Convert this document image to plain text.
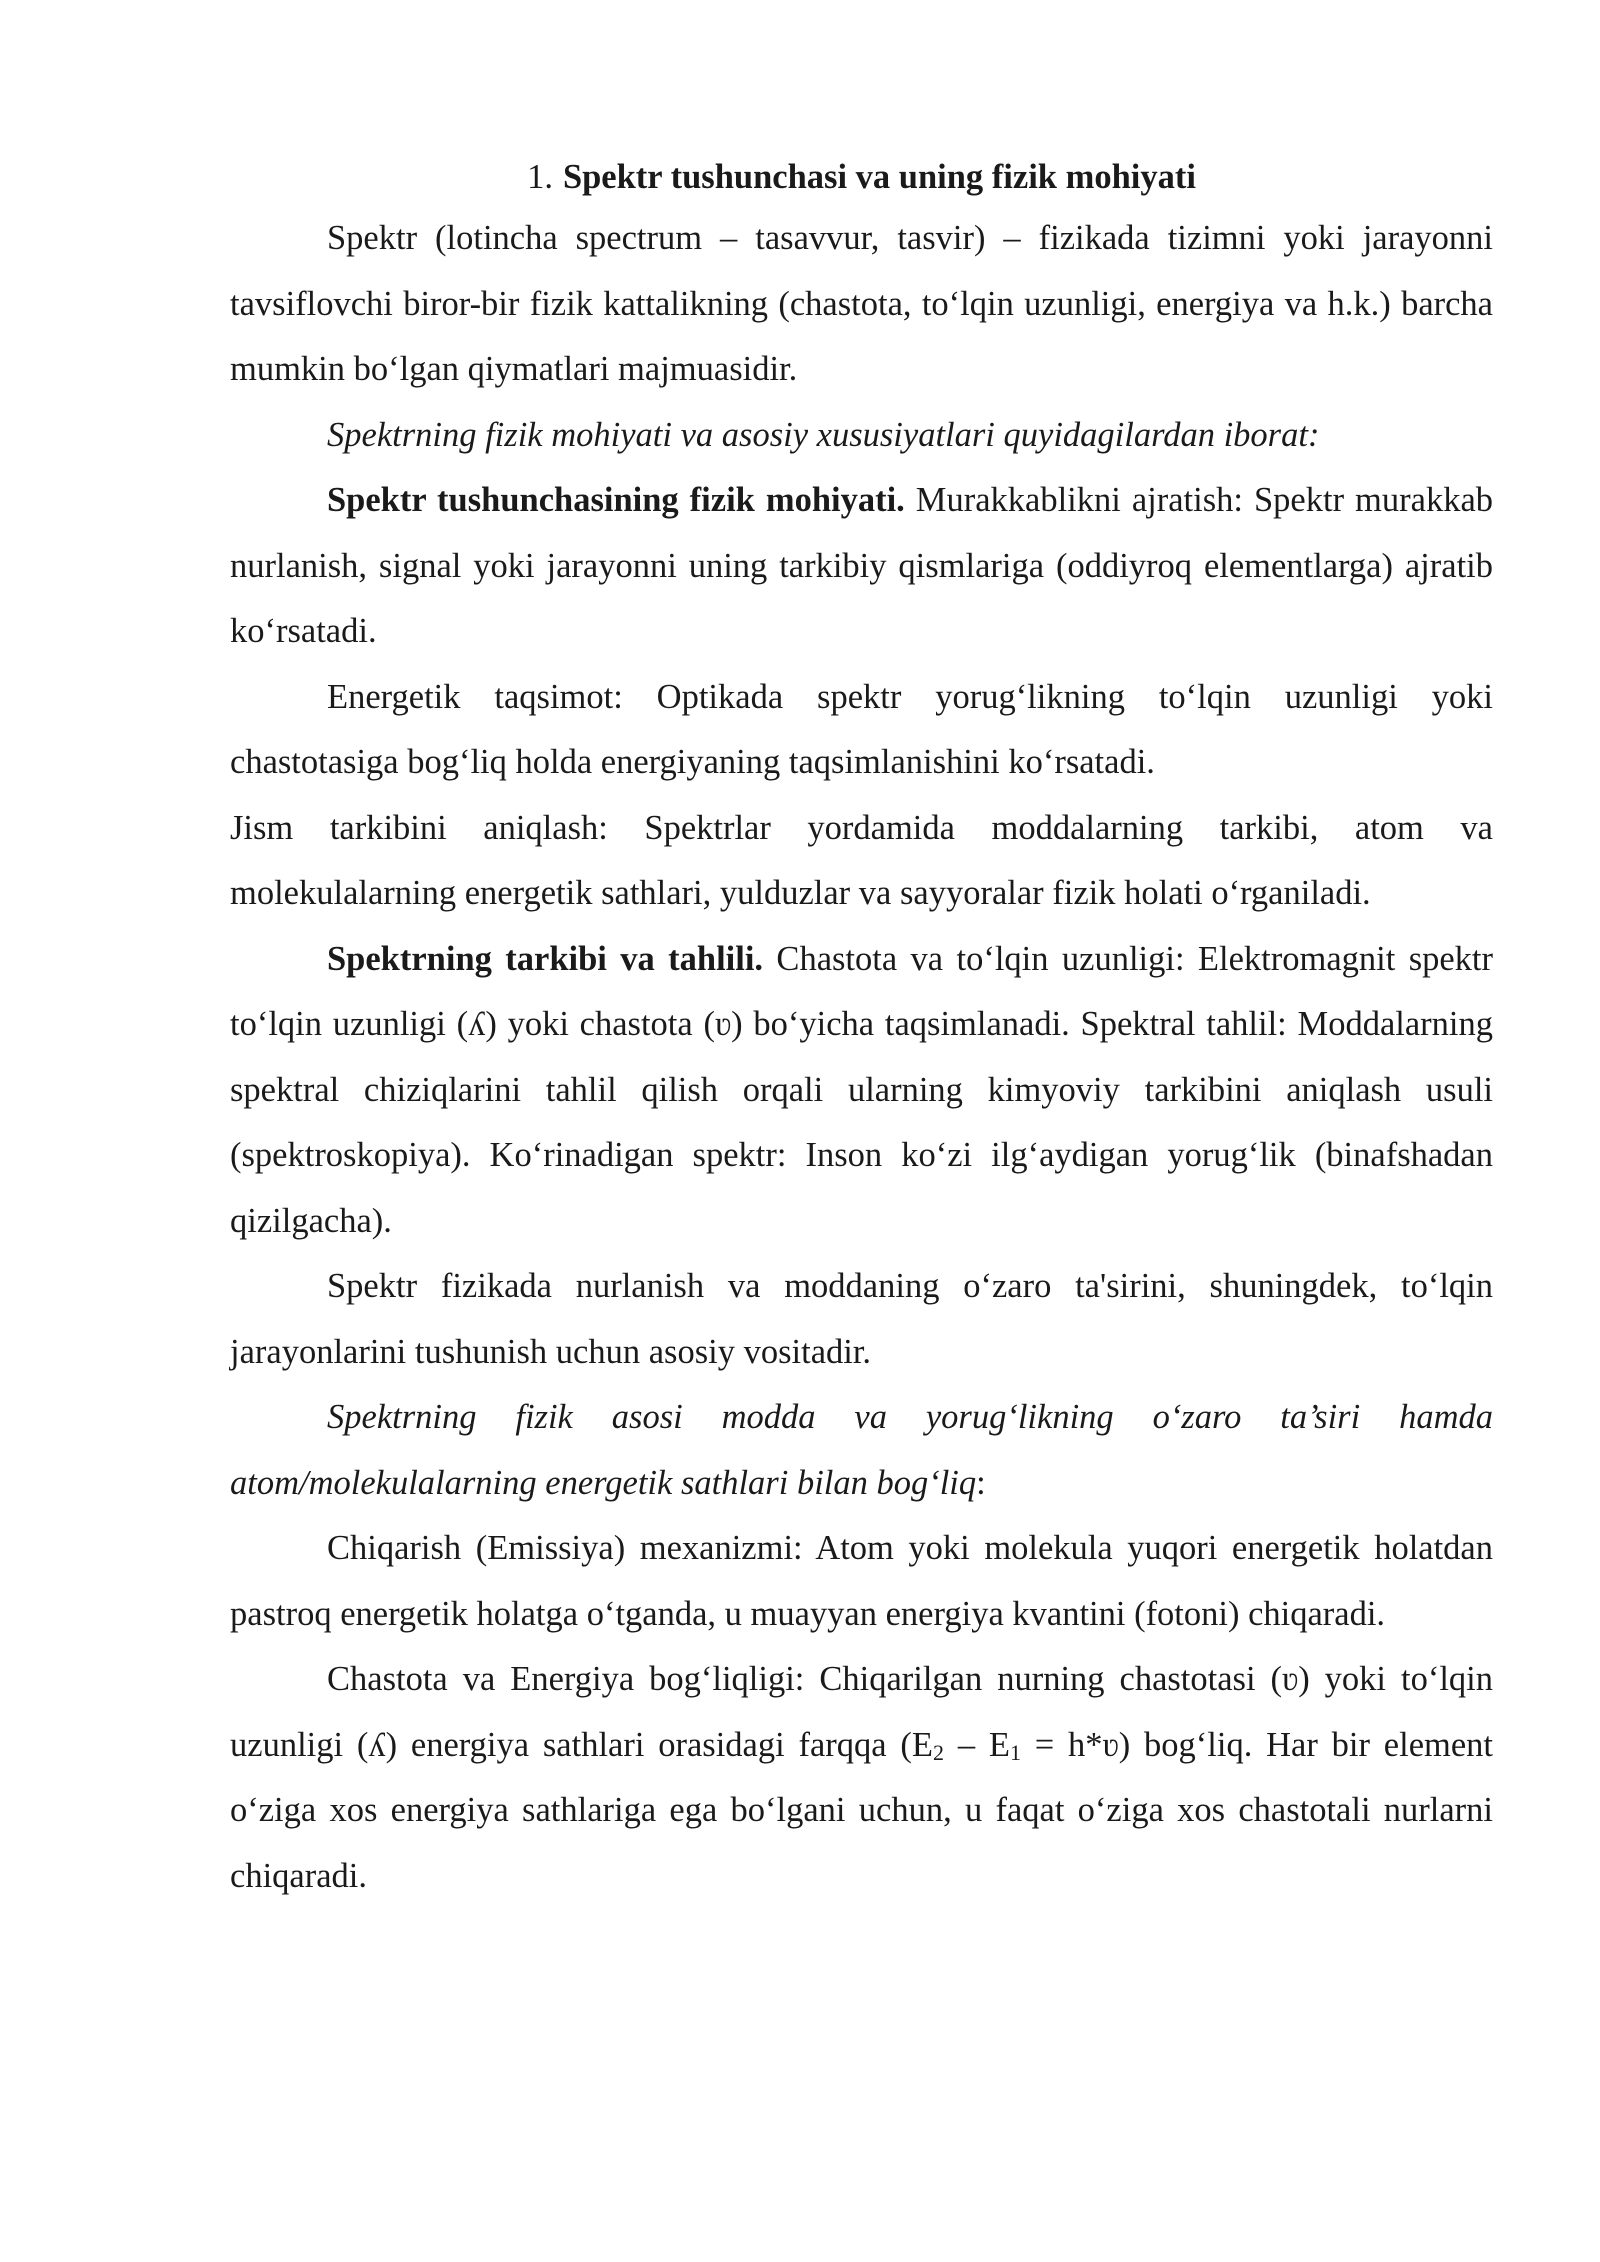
1. Spektr tushunchasi va uning fizik mohiyati

Spektr (lotincha spectrum – tasavvur, tasvir) – fizikada tizimni yoki jarayonni tavsiflovchi biror-bir fizik kattalikning (chastota, to‘lqin uzunligi, energiya va h.k.) barcha mumkin bo‘lgan qiymatlari majmuasidir.

Spektrning fizik mohiyati va asosiy xususiyatlari quyidagilardan iborat:

Spektr tushunchasining fizik mohiyati. Murakkablikni ajratish: Spektr murakkab nurlanish, signal yoki jarayonni uning tarkibiy qismlariga (oddiyroq elementlarga) ajratib ko‘rsatadi.

Energetik taqsimot: Optikada spektr yorug‘likning to‘lqin uzunligi yoki chastotasiga bog‘liq holda energiyaning taqsimlanishini ko‘rsatadi.

Jism tarkibini aniqlash: Spektrlar yordamida moddalarning tarkibi, atom va molekulalarning energetik sathlari, yulduzlar va sayyoralar fizik holati o‘rganiladi.

Spektrning tarkibi va tahlili. Chastota va to‘lqin uzunligi: Elektromagnit spektr to‘lqin uzunligi (ʎ) yoki chastota (ʋ) bo‘yicha taqsimlanadi. Spektral tahlil: Moddalarning spektral chiziqlarini tahlil qilish orqali ularning kimyoviy tarkibini aniqlash usuli (spektroskopiya). Ko‘rinadigan spektr: Inson ko‘zi ilg‘aydigan yorug‘lik (binafshadan qizilgacha).

Spektr fizikada nurlanish va moddaning o‘zaro ta'sirini, shuningdek, to‘lqin jarayonlarini tushunish uchun asosiy vositadir.

Spektrning fizik asosi modda va yorug‘likning o‘zaro ta’siri hamda atom/molekulalarning energetik sathlari bilan bog‘liq:

Chiqarish (Emissiya) mexanizmi: Atom yoki molekula yuqori energetik holatdan pastroq energetik holatga o‘tganda, u muayyan energiya kvantini (fotoni) chiqaradi.

Chastota va Energiya bog‘liqligi: Chiqarilgan nurning chastotasi (ʋ) yoki to‘lqin uzunligi (ʎ) energiya sathlari orasidagi farqqa ($E_2 - E_1$ = h*ʋ) bog‘liq. Har bir element o‘ziga xos energiya sathlariga ega bo‘lgani uchun, u faqat o‘ziga xos chastotali nurlarni chiqaradi.
